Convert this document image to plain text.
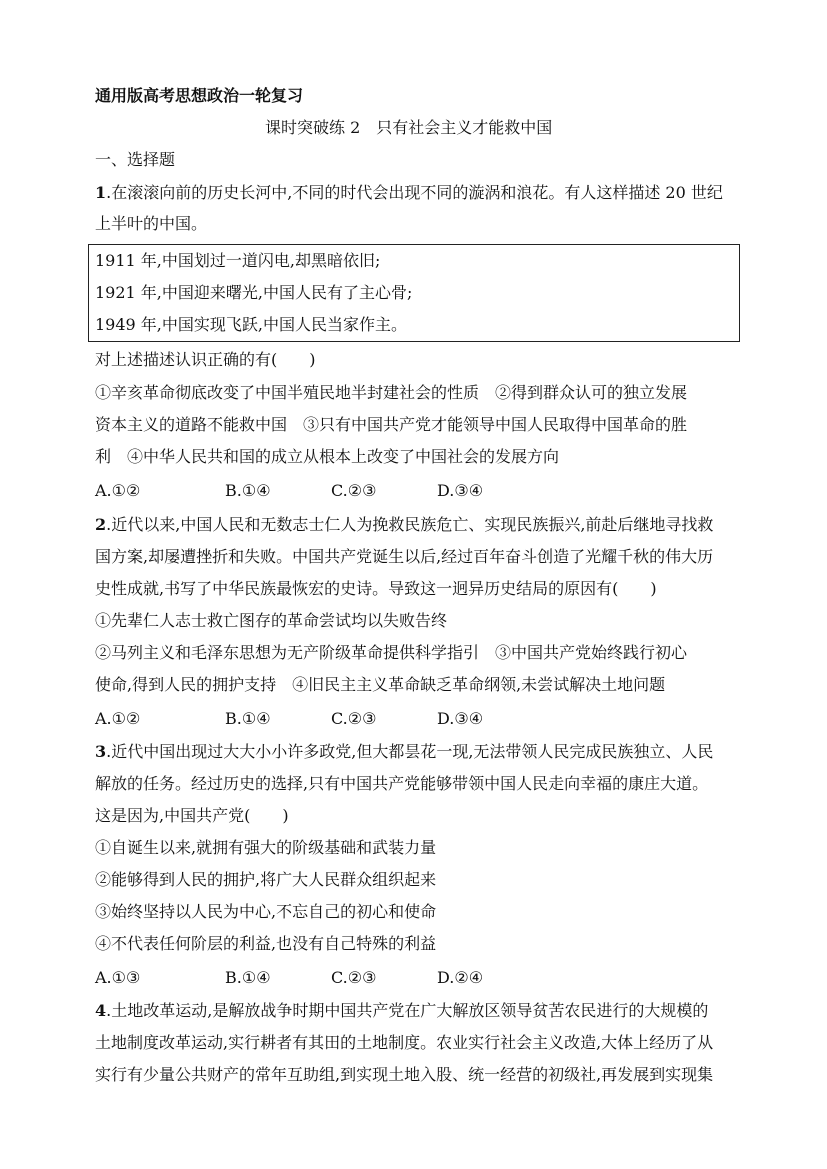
通用版高考思想政治一轮复习
课时突破练 2　只有社会主义才能救中国
一、选择题
1.在滚滚向前的历史长河中,不同的时代会出现不同的漩涡和浪花。有人这样描述 20 世纪
上半叶的中国。
1911 年,中国划过一道闪电,却黑暗依旧;
1921 年,中国迎来曙光,中国人民有了主心骨;
1949 年,中国实现飞跃,中国人民当家作主。
对上述描述认识正确的有(　　)
①辛亥革命彻底改变了中国半殖民地半封建社会的性质　②得到群众认可的独立发展
资本主义的道路不能救中国　③只有中国共产党才能领导中国人民取得中国革命的胜
利　④中华人民共和国的成立从根本上改变了中国社会的发展方向
A.①②	B.①④	C.②③	D.③④
2.近代以来,中国人民和无数志士仁人为挽救民族危亡、实现民族振兴,前赴后继地寻找救
国方案,却屡遭挫折和失败。中国共产党诞生以后,经过百年奋斗创造了光耀千秋的伟大历
史性成就,书写了中华民族最恢宏的史诗。导致这一迥异历史结局的原因有(　　)
①先辈仁人志士救亡图存的革命尝试均以失败告终
②马列主义和毛泽东思想为无产阶级革命提供科学指引　③中国共产党始终践行初心
使命,得到人民的拥护支持　④旧民主主义革命缺乏革命纲领,未尝试解决土地问题
A.①②	B.①④	C.②③	D.③④
3.近代中国出现过大大小小许多政党,但大都昙花一现,无法带领人民完成民族独立、人民
解放的任务。经过历史的选择,只有中国共产党能够带领中国人民走向幸福的康庄大道。
这是因为,中国共产党(　　)
①自诞生以来,就拥有强大的阶级基础和武装力量
②能够得到人民的拥护,将广大人民群众组织起来
③始终坚持以人民为中心,不忘自己的初心和使命
④不代表任何阶层的利益,也没有自己特殊的利益
A.①③	B.①④	C.②③	D.②④
4.土地改革运动,是解放战争时期中国共产党在广大解放区领导贫苦农民进行的大规模的
土地制度改革运动,实行耕者有其田的土地制度。农业实行社会主义改造,大体上经历了从
实行有少量公共财产的常年互助组,到实现土地入股、统一经营的初级社,再发展到实现集
